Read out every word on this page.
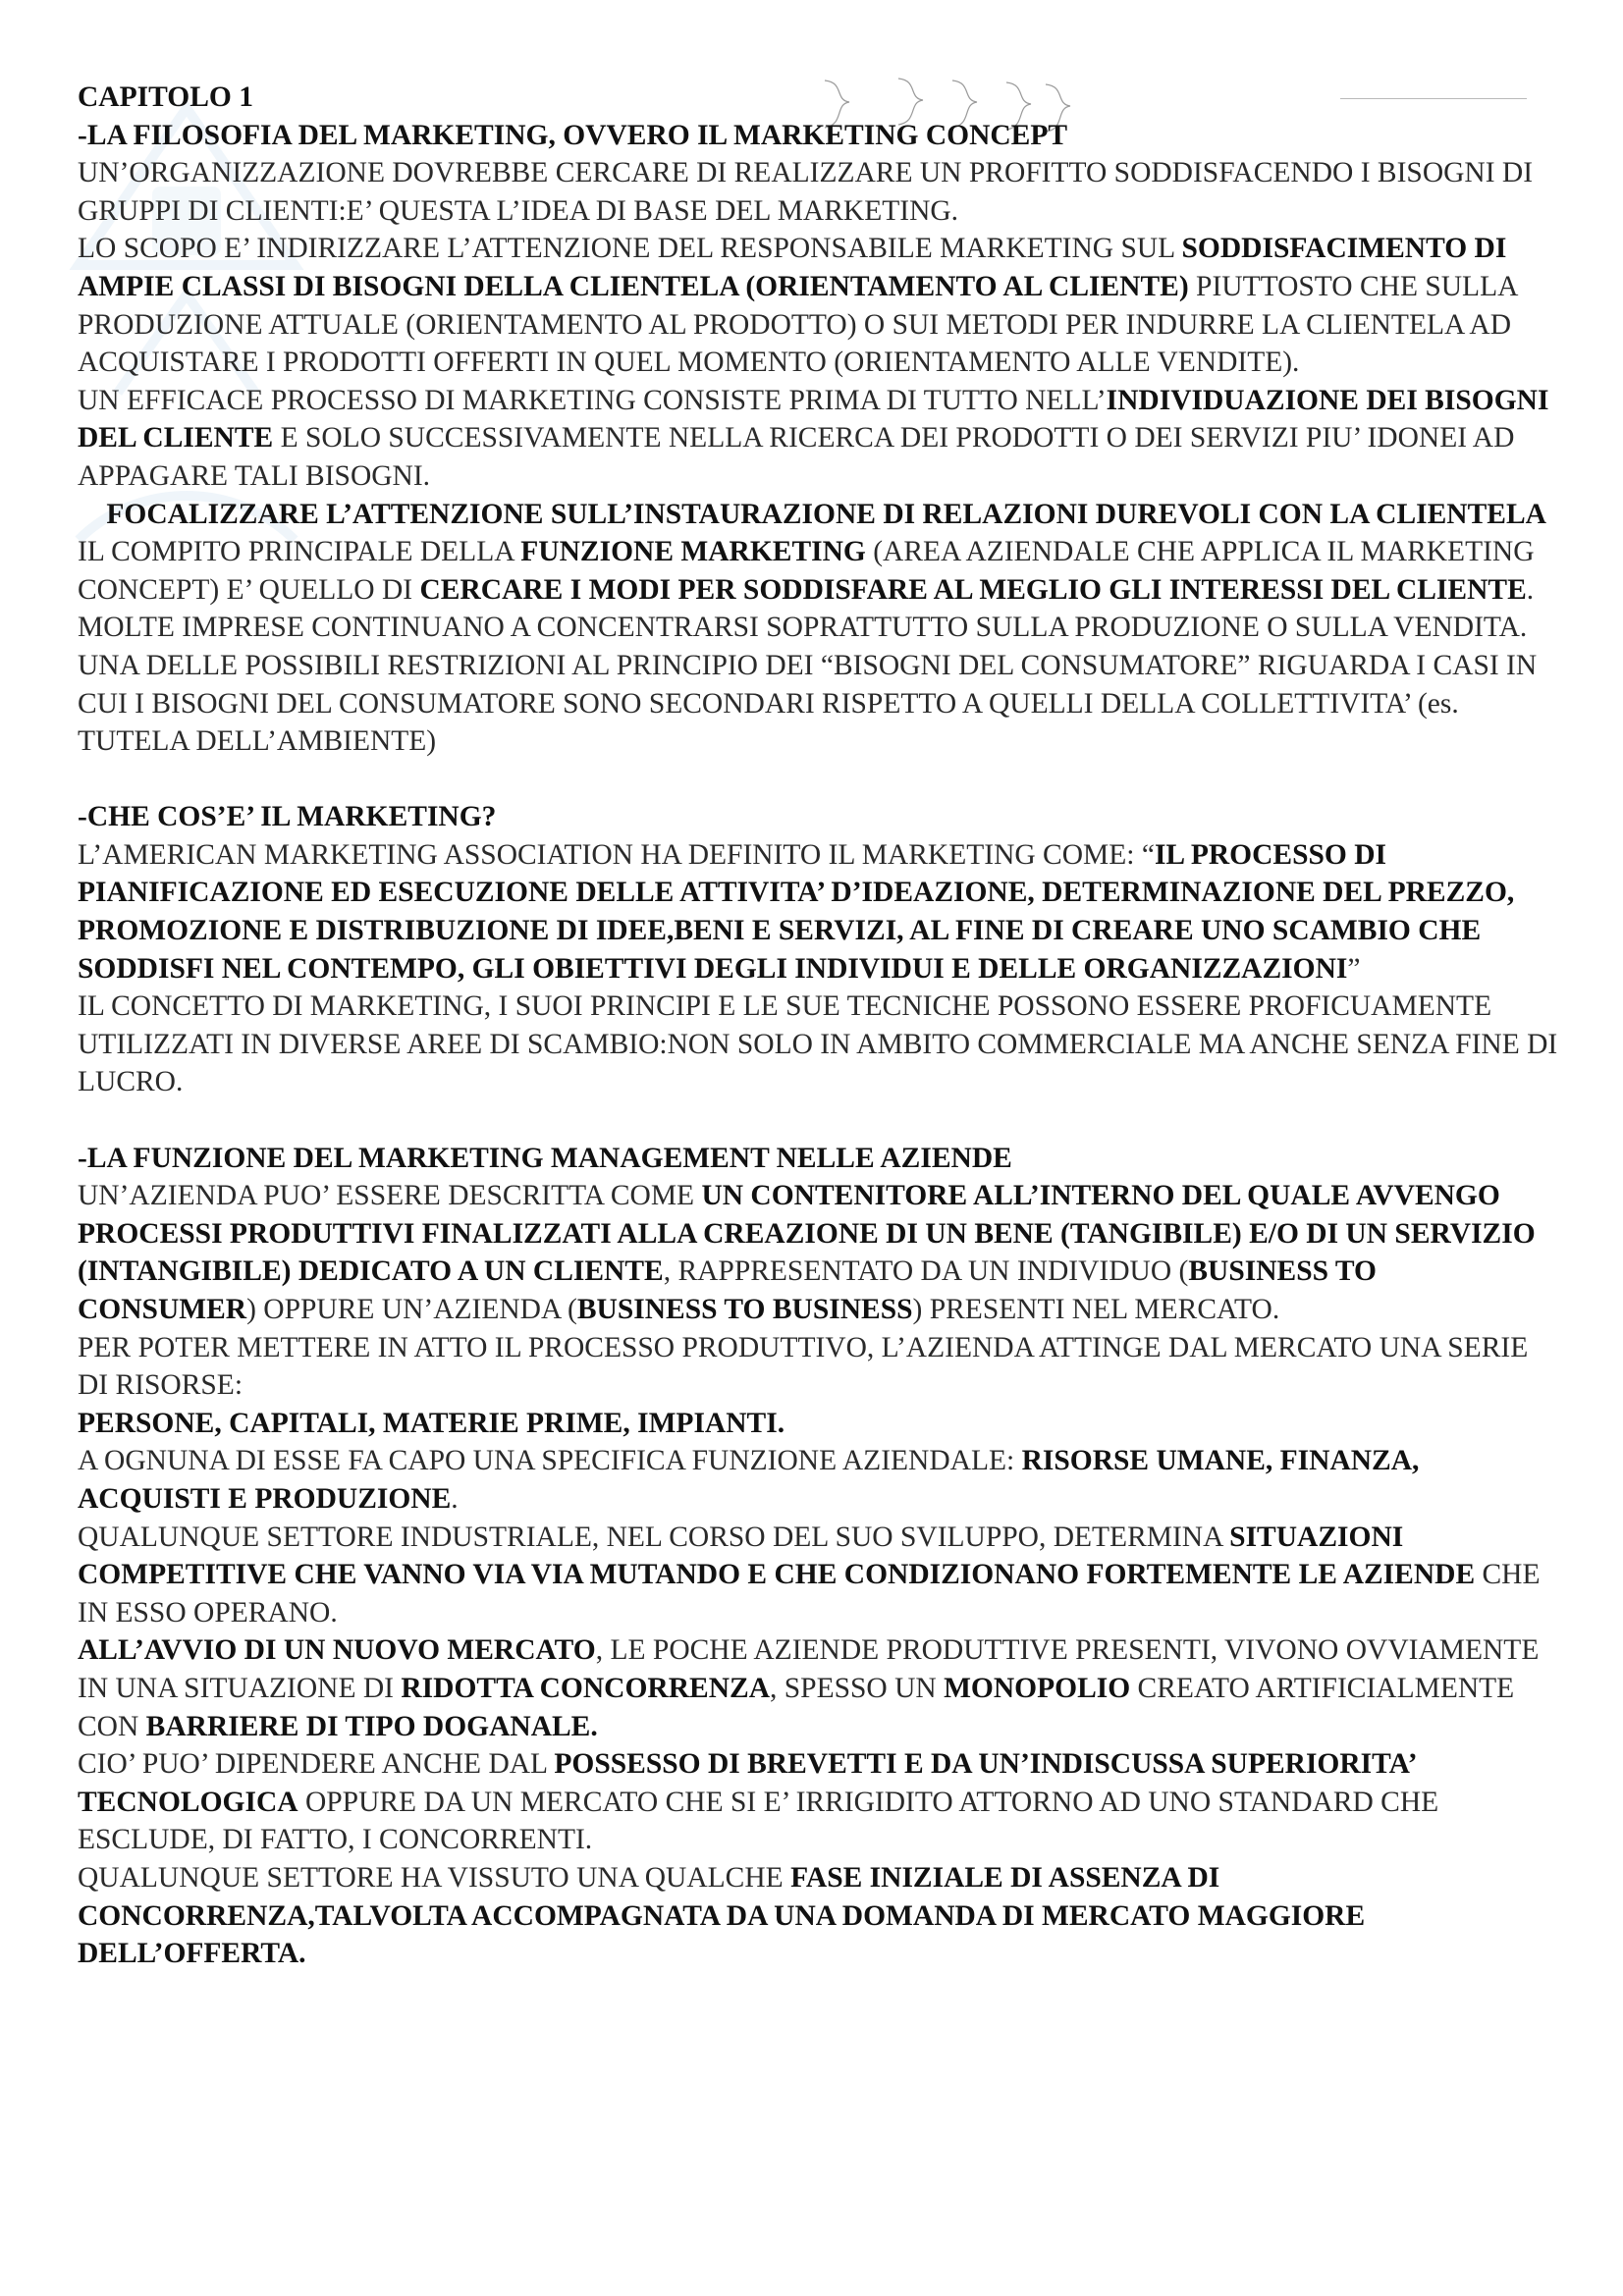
CAPITOLO 1

-LA FILOSOFIA DEL MARKETING, OVVERO IL MARKETING CONCEPT

UN’ORGANIZZAZIONE DOVREBBE CERCARE DI REALIZZARE UN PROFITTO SODDISFACENDO I BISOGNI DI GRUPPI DI CLIENTI:E’ QUESTA L’IDEA DI BASE DEL MARKETING.

LO SCOPO E’ INDIRIZZARE L’ATTENZIONE DEL RESPONSABILE MARKETING SUL SODDISFACIMENTO DI AMPIE CLASSI DI BISOGNI DELLA CLIENTELA (ORIENTAMENTO AL CLIENTE) PIUTTOSTO CHE SULLA PRODUZIONE ATTUALE (ORIENTAMENTO AL PRODOTTO) O SUI METODI PER INDURRE LA CLIENTELA AD ACQUISTARE I PRODOTTI OFFERTI IN QUEL MOMENTO (ORIENTAMENTO ALLE VENDITE).

UN EFFICACE PROCESSO DI MARKETING CONSISTE PRIMA DI TUTTO NELL’INDIVIDUAZIONE DEI BISOGNI DEL CLIENTE E SOLO SUCCESSIVAMENTE NELLA RICERCA DEI PRODOTTI O DEI SERVIZI PIU’ IDONEI AD APPAGARE TALI BISOGNI.

FOCALIZZARE L’ATTENZIONE SULL’INSTAURAZIONE DI RELAZIONI DUREVOLI CON LA CLIENTELA

IL COMPITO PRINCIPALE DELLA FUNZIONE MARKETING (AREA AZIENDALE CHE APPLICA IL MARKETING CONCEPT) E’ QUELLO DI CERCARE I MODI PER SODDISFARE AL MEGLIO GLI INTERESSI DEL CLIENTE.

MOLTE IMPRESE CONTINUANO A CONCENTRARSI SOPRATTUTTO SULLA PRODUZIONE O SULLA VENDITA.

UNA DELLE POSSIBILI RESTRIZIONI AL PRINCIPIO DEI “BISOGNI DEL CONSUMATORE” RIGUARDA I CASI IN CUI I BISOGNI DEL CONSUMATORE SONO SECONDARI RISPETTO A QUELLI DELLA COLLETTIVITA’ (es. TUTELA DELL’AMBIENTE)

-CHE COS’E’ IL MARKETING?

L’AMERICAN MARKETING ASSOCIATION HA DEFINITO IL MARKETING COME: “IL PROCESSO DI PIANIFICAZIONE ED ESECUZIONE DELLE ATTIVITA’ D’IDEAZIONE, DETERMINAZIONE DEL PREZZO, PROMOZIONE E DISTRIBUZIONE DI IDEE,BENI E SERVIZI, AL FINE DI CREARE UNO SCAMBIO CHE SODDISFI NEL CONTEMPO, GLI OBIETTIVI DEGLI INDIVIDUI E DELLE ORGANIZZAZIONI”

IL CONCETTO DI MARKETING, I SUOI PRINCIPI E LE SUE TECNICHE POSSONO ESSERE PROFICUAMENTE UTILIZZATI IN DIVERSE AREE DI SCAMBIO:NON SOLO IN AMBITO COMMERCIALE MA ANCHE SENZA FINE DI LUCRO.

-LA FUNZIONE DEL MARKETING MANAGEMENT NELLE AZIENDE

UN’AZIENDA PUO’ ESSERE DESCRITTA COME UN CONTENITORE ALL’INTERNO DEL QUALE AVVENGO PROCESSI PRODUTTIVI FINALIZZATI ALLA CREAZIONE DI UN BENE (TANGIBILE) E/O DI UN SERVIZIO (INTANGIBILE) DEDICATO A UN CLIENTE, RAPPRESENTATO DA UN INDIVIDUO (BUSINESS TO CONSUMER) OPPURE UN’AZIENDA (BUSINESS TO BUSINESS) PRESENTI NEL MERCATO.

PER POTER METTERE IN ATTO IL PROCESSO PRODUTTIVO, L’AZIENDA ATTINGE DAL MERCATO UNA SERIE DI RISORSE:

PERSONE, CAPITALI, MATERIE PRIME, IMPIANTI.

A OGNUNA DI ESSE FA CAPO UNA SPECIFICA FUNZIONE AZIENDALE: RISORSE UMANE, FINANZA, ACQUISTI E PRODUZIONE.

QUALUNQUE SETTORE INDUSTRIALE, NEL CORSO DEL SUO SVILUPPO, DETERMINA SITUAZIONI COMPETITIVE CHE VANNO VIA VIA MUTANDO E CHE CONDIZIONANO FORTEMENTE LE AZIENDE CHE IN ESSO OPERANO.

ALL’AVVIO DI UN NUOVO MERCATO, LE POCHE AZIENDE PRODUTTIVE PRESENTI, VIVONO OVVIAMENTE IN UNA SITUAZIONE DI RIDOTTA CONCORRENZA, SPESSO UN MONOPOLIO CREATO ARTIFICIALMENTE CON BARRIERE DI TIPO DOGANALE.

CIO’ PUO’ DIPENDERE ANCHE DAL POSSESSO DI BREVETTI E DA UN’INDISCUSSA SUPERIORITA’ TECNOLOGICA OPPURE DA UN MERCATO CHE SI E’ IRRIGIDITO ATTORNO AD UNO STANDARD CHE ESCLUDE, DI FATTO, I CONCORRENTI.

QUALUNQUE SETTORE HA VISSUTO UNA QUALCHE FASE INIZIALE DI ASSENZA DI CONCORRENZA,TALVOLTA ACCOMPAGNATA DA UNA DOMANDA DI MERCATO MAGGIORE DELL’OFFERTA.
